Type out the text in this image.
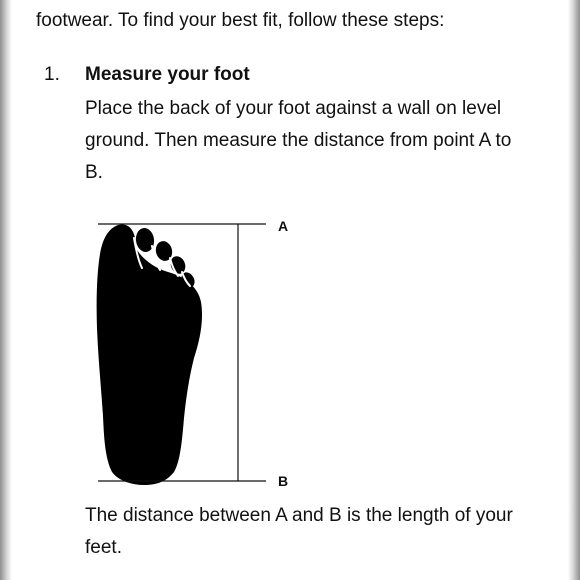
footwear. To find your best fit, follow these steps:
1. Measure your foot
Place the back of your foot against a wall on level ground. Then measure the distance from point A to B.
A
B
The distance between A and B is the length of your feet.
